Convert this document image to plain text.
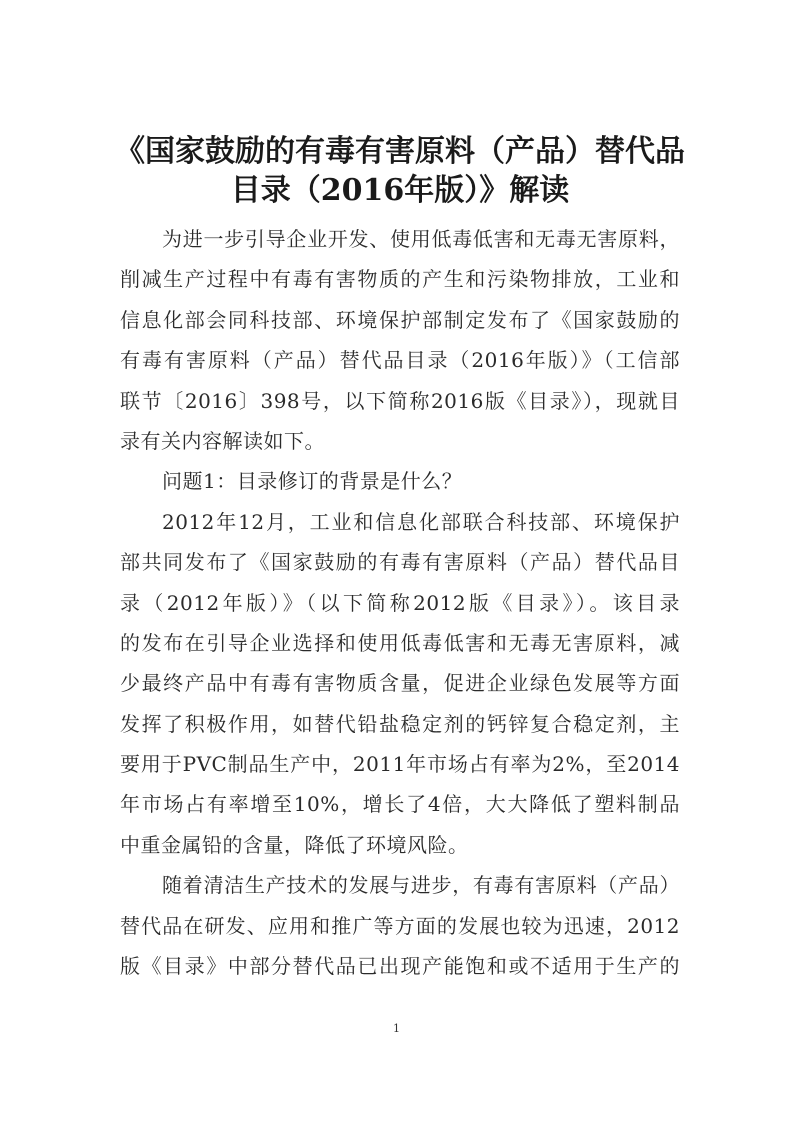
《国家鼓励的有毒有害原料（产品）替代品
目录（2016年版）》解读
为进一步引导企业开发、使用低毒低害和无毒无害原料，
削减生产过程中有毒有害物质的产生和污染物排放，工业和
信息化部会同科技部、环境保护部制定发布了《国家鼓励的
有毒有害原料（产品）替代品目录（2016年版）》（工信部
联节〔2016〕398号，以下简称2016版《目录》），现就目
录有关内容解读如下。
问题1：目录修订的背景是什么？
2012年12月，工业和信息化部联合科技部、环境保护
部共同发布了《国家鼓励的有毒有害原料（产品）替代品目
录（2012年版）》（以下简称2012版《目录》）。该目录
的发布在引导企业选择和使用低毒低害和无毒无害原料，减
少最终产品中有毒有害物质含量，促进企业绿色发展等方面
发挥了积极作用，如替代铅盐稳定剂的钙锌复合稳定剂，主
要用于PVC制品生产中，2011年市场占有率为2%，至2014
年市场占有率增至10%，增长了4倍，大大降低了塑料制品
中重金属铅的含量，降低了环境风险。
随着清洁生产技术的发展与进步，有毒有害原料（产品）
替代品在研发、应用和推广等方面的发展也较为迅速，2012
版《目录》中部分替代品已出现产能饱和或不适用于生产的
1
